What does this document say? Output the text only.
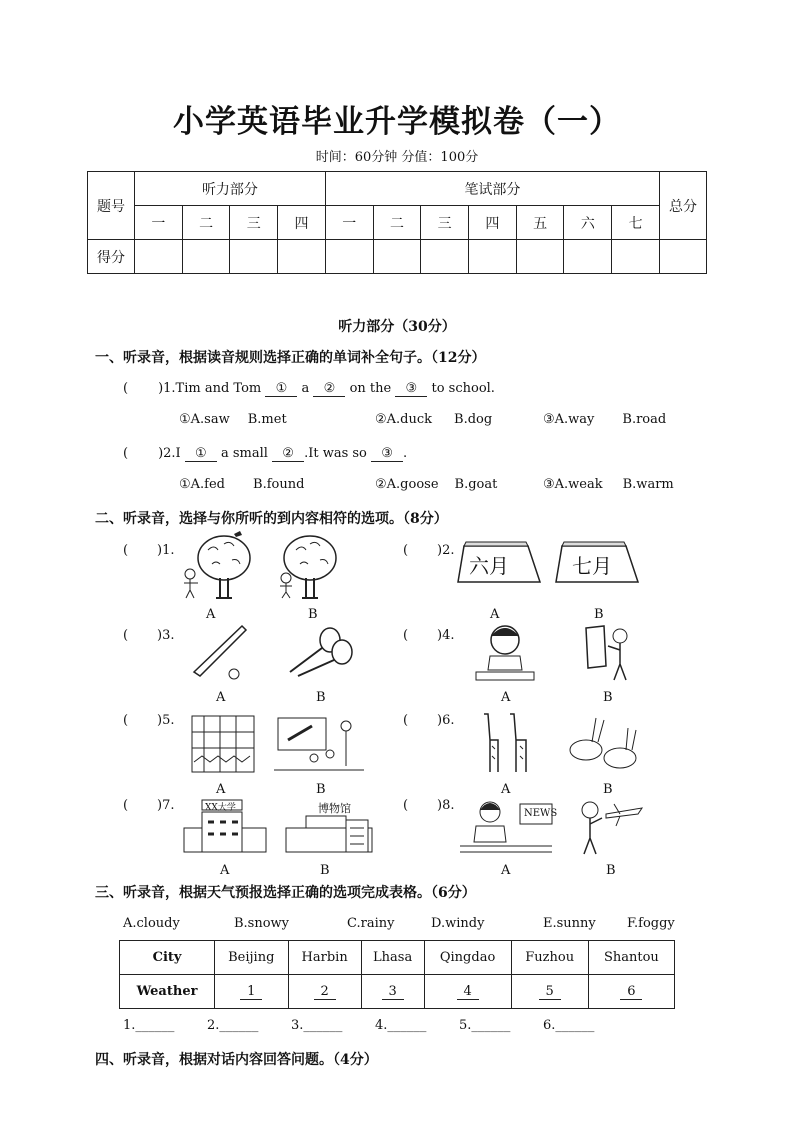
小学英语毕业升学模拟卷（一）
时间：60分钟 分值：100分
题号	听力部分				笔试部分							总分
	一	二	三	四	一	二	三	四	五	六	七	
得分												
听力部分（30分）
一、听录音，根据读音规则选择正确的单词补全句子。（12分）
( )1.Tim and Tom ① a ② on the ③ to school.
①A.saw B.met	②A.duck B.dog	③A.way B.road
( )2.I ① a small ② .It was so ③ .
①A.fed B.found	②A.goose B.goat	③A.weak B.warm
二、听录音，选择与你所听的到内容相符的选项。（8分）
(       )1.
A	B
(       )2.
六月	七月
A	B
(       )3.
A	B
(       )4.
A	B
(       )5.
A	B
(       )6.
A	B
(       )7.	XX大学	博物馆
A	B
(       )8.
NEWS
A	B
三、听录音，根据天气预报选择正确的选项完成表格。（6分）
A.cloudy	B.snowy	C.rainy	D.windy	E.sunny F.foggy
City	Beijing	Harbin	Lhasa	Qingdao	Fuzhou	Shantou
Weather	1	2	3	4	5	6
1.______	2.______	3.______	4.______	5.______	6.______
四、听录音，根据对话内容回答问题。（4分）
